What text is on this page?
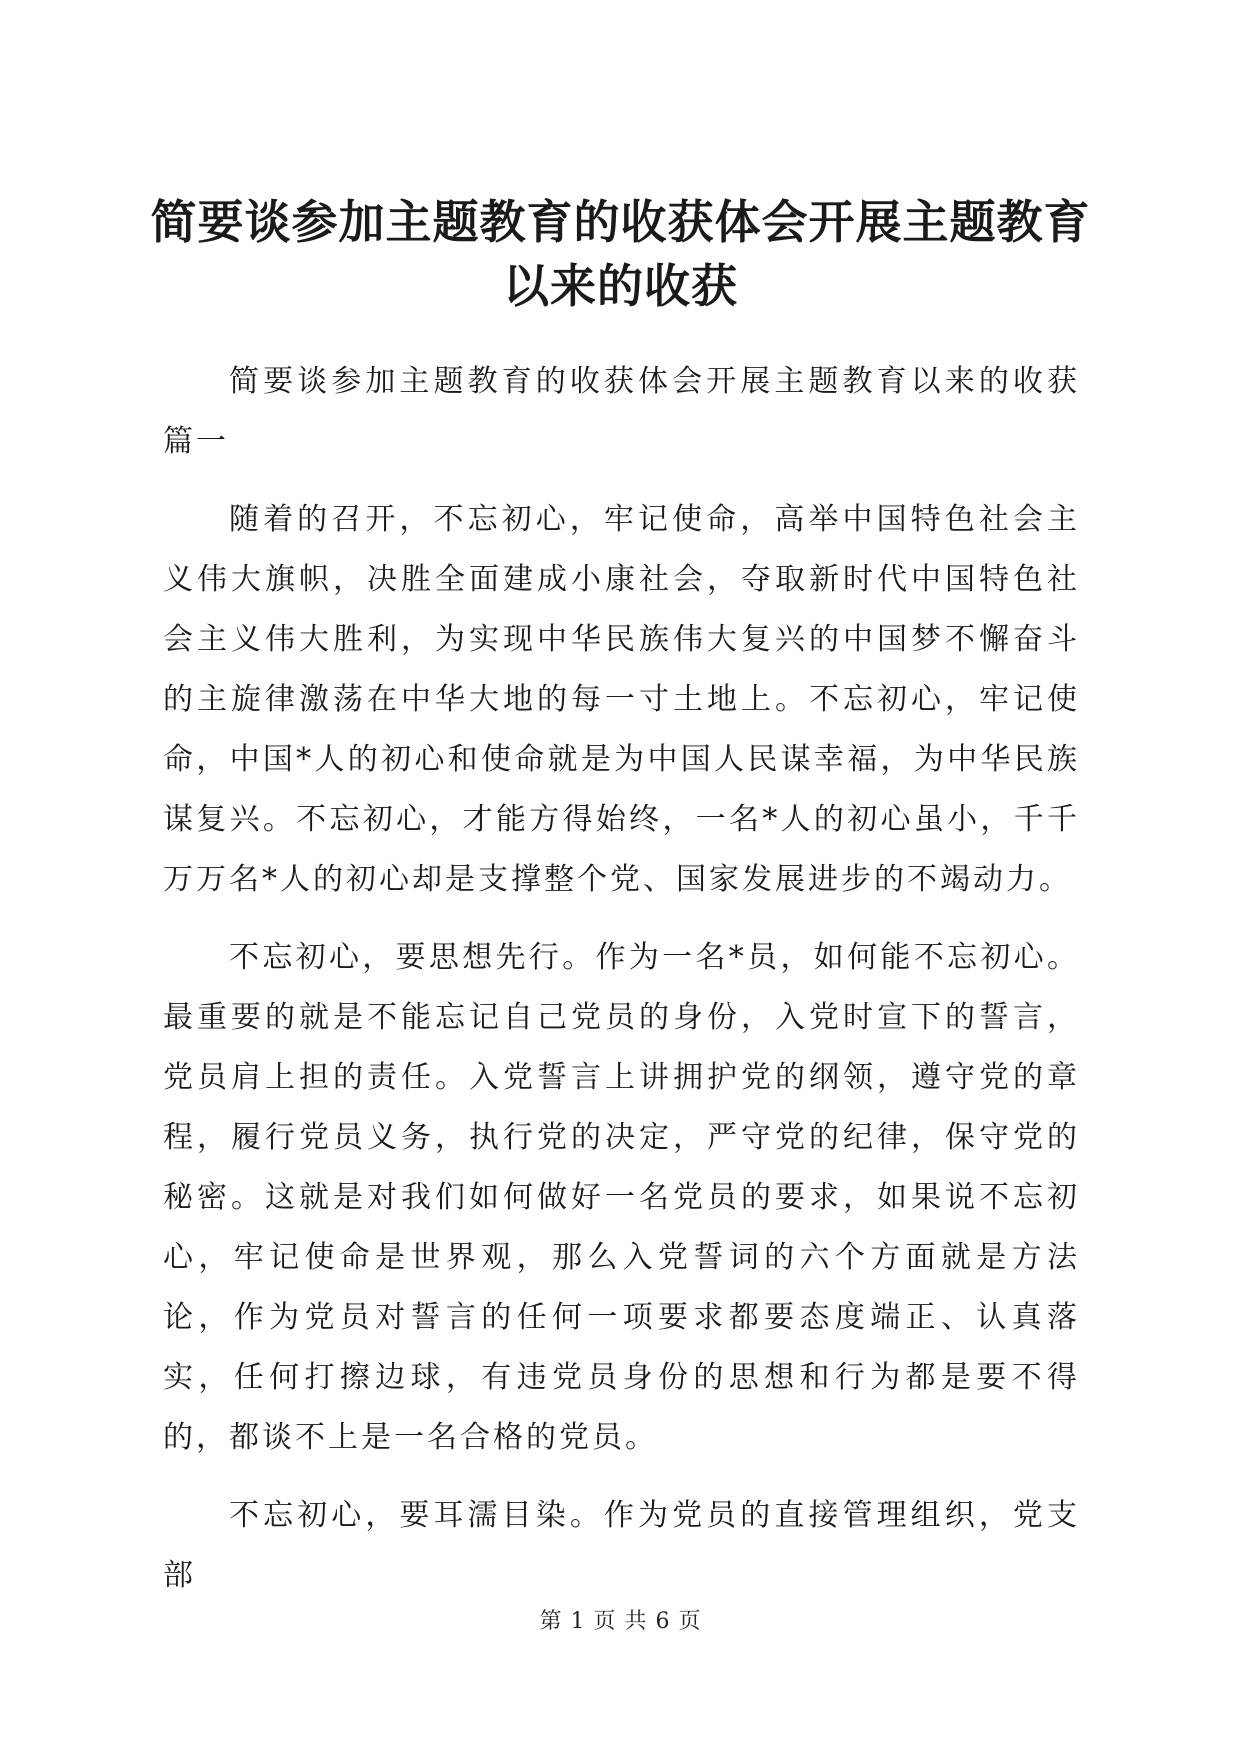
简要谈参加主题教育的收获体会开展主题教育以来的收获

简要谈参加主题教育的收获体会开展主题教育以来的收获篇一

随着的召开，不忘初心，牢记使命，高举中国特色社会主义伟大旗帜，决胜全面建成小康社会，夺取新时代中国特色社会主义伟大胜利，为实现中华民族伟大复兴的中国梦不懈奋斗的主旋律激荡在中华大地的每一寸土地上。不忘初心，牢记使命，中国*人的初心和使命就是为中国人民谋幸福，为中华民族谋复兴。不忘初心，才能方得始终，一名*人的初心虽小，千千万万名*人的初心却是支撑整个党、国家发展进步的不竭动力。

不忘初心，要思想先行。作为一名*员，如何能不忘初心。最重要的就是不能忘记自己党员的身份，入党时宣下的誓言，党员肩上担的责任。入党誓言上讲拥护党的纲领，遵守党的章程，履行党员义务，执行党的决定，严守党的纪律，保守党的秘密。这就是对我们如何做好一名党员的要求，如果说不忘初心，牢记使命是世界观，那么入党誓词的六个方面就是方法论，作为党员对誓言的任何一项要求都要态度端正、认真落实，任何打擦边球，有违党员身份的思想和行为都是要不得的，都谈不上是一名合格的党员。

不忘初心，要耳濡目染。作为党员的直接管理组织，党支部

第 1 页 共 6 页
